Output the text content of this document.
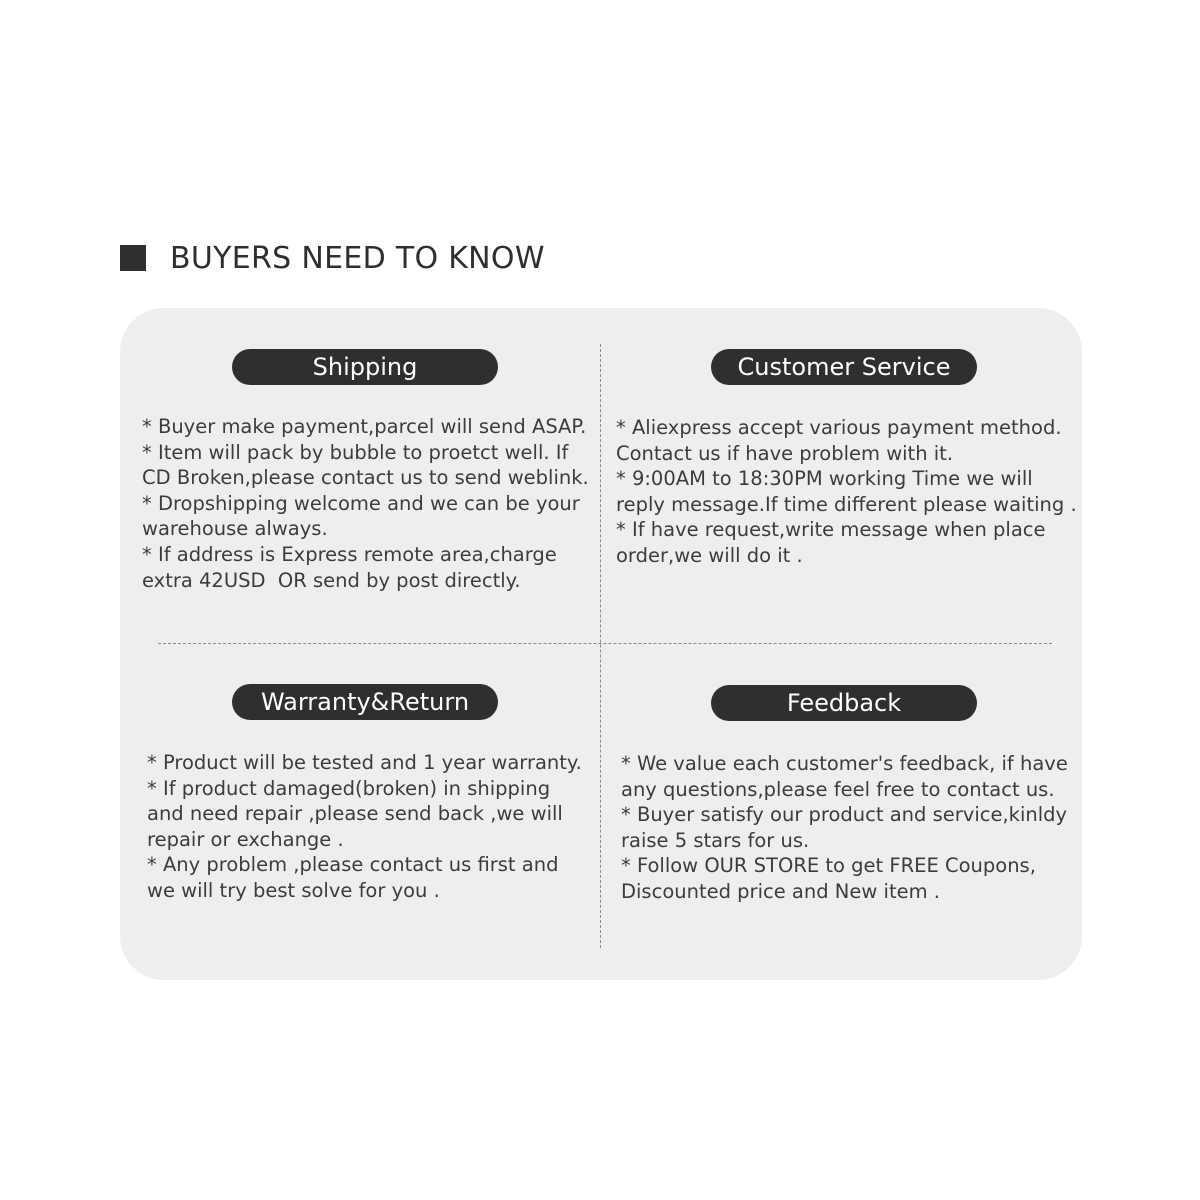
BUYERS NEED TO KNOW
Shipping

* Buyer make payment,parcel will send ASAP.

* Item will pack by bubble to proetct well. If

CD Broken,please contact us to send weblink.

* Dropshipping welcome and we can be your

warehouse always.

* If address is Express remote area,charge

extra 42USD  OR send by post directly.

Customer Service

* Aliexpress accept various payment method.

Contact us if have problem with it.

* 9:00AM to 18:30PM working Time we will

reply message.If time different please waiting .

* If have request,write message when place

order,we will do it .

Warranty&Return

* Product will be tested and 1 year warranty.

* If product damaged(broken) in shipping

and need repair ,please send back ,we will

repair or exchange .

* Any problem ,please contact us first and

we will try best solve for you .

Feedback

* We value each customer's feedback, if have

any questions,please feel free to contact us.

* Buyer satisfy our product and service,kinldy

raise 5 stars for us.

* Follow OUR STORE to get FREE Coupons,

Discounted price and New item .
